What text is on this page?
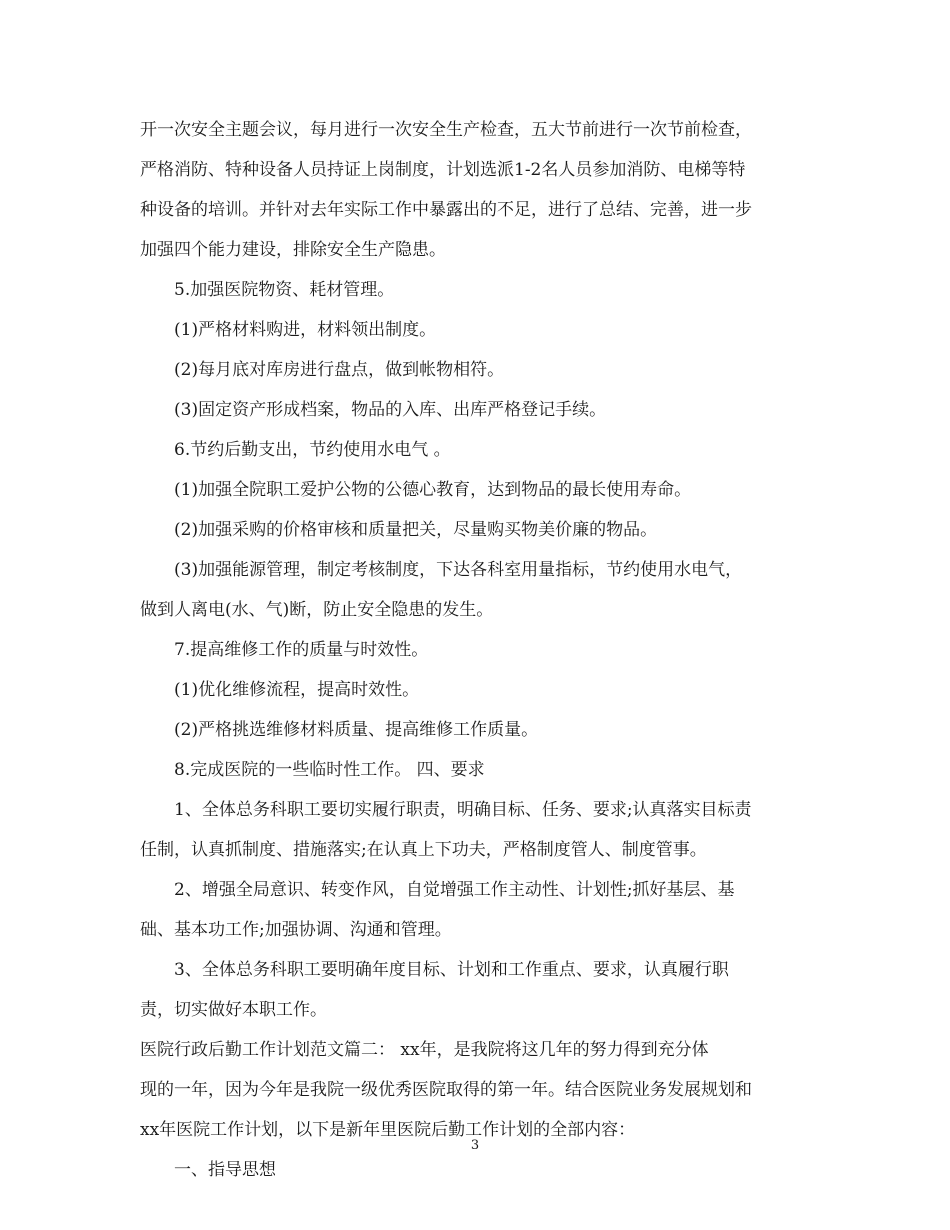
开一次安全主题会议，每月进行一次安全生产检查，五大节前进行一次节前检查，
严格消防、特种设备人员持证上岗制度，计划选派1-2名人员参加消防、电梯等特
种设备的培训。并针对去年实际工作中暴露出的不足，进行了总结、完善，进一步
加强四个能力建设，排除安全生产隐患。
5.加强医院物资、耗材管理。
(1)严格材料购进，材料领出制度。
(2)每月底对库房进行盘点，做到帐物相符。
(3)固定资产形成档案，物品的入库、出库严格登记手续。
6.节约后勤支出，节约使用水电气 。
(1)加强全院职工爱护公物的公德心教育，达到物品的最长使用寿命。
(2)加强采购的价格审核和质量把关，尽量购买物美价廉的物品。
(3)加强能源管理，制定考核制度，下达各科室用量指标，节约使用水电气，
做到人离电(水、气)断，防止安全隐患的发生。
7.提高维修工作的质量与时效性。
(1)优化维修流程，提高时效性。
(2)严格挑选维修材料质量、提高维修工作质量。
8.完成医院的一些临时性工作。 四、要求
1、全体总务科职工要切实履行职责，明确目标、任务、要求;认真落实目标责
任制，认真抓制度、措施落实;在认真上下功夫，严格制度管人、制度管事。
2、增强全局意识、转变作风，自觉增强工作主动性、计划性;抓好基层、基
础、基本功工作;加强协调、沟通和管理。
3、全体总务科职工要明确年度目标、计划和工作重点、要求，认真履行职
责，切实做好本职工作。
医院行政后勤工作计划范文篇二： xx年，是我院将这几年的努力得到充分体
现的一年，因为今年是我院一级优秀医院取得的第一年。结合医院业务发展规划和
xx年医院工作计划，以下是新年里医院后勤工作计划的全部内容：
一、指导思想
3
